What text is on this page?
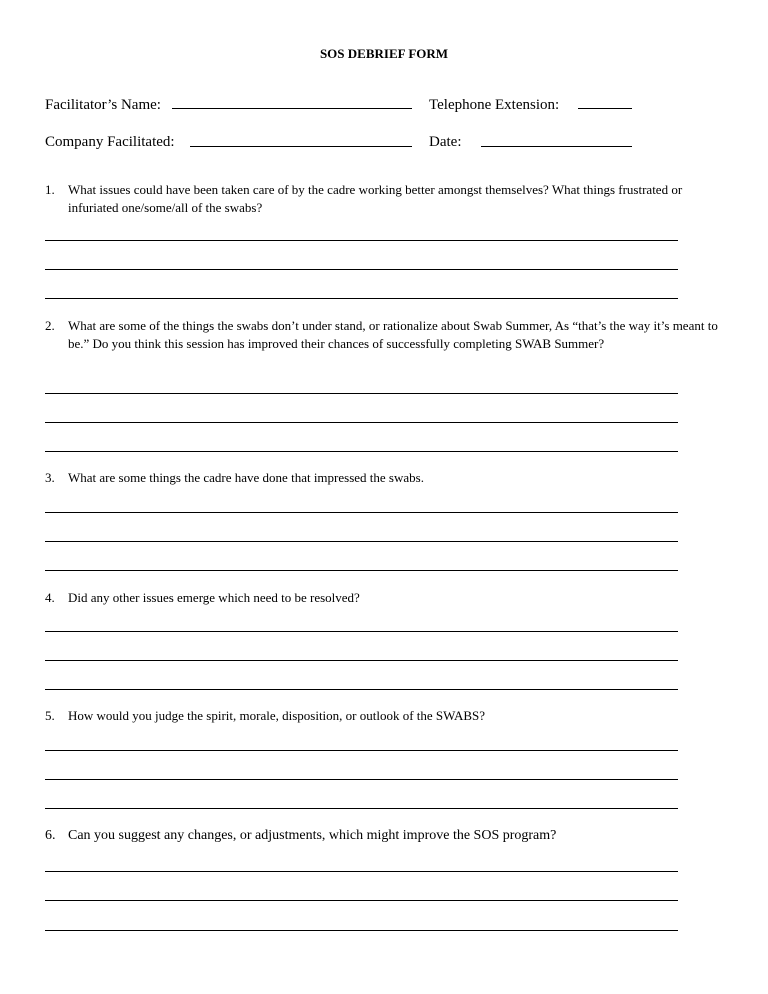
SOS DEBRIEF FORM
Facilitator’s Name:	Telephone Extension:
Company Facilitated:	Date:
1. What issues could have been taken care of by the cadre working better amongst themselves? What things frustrated or infuriated one/some/all of the swabs?
2. What are some of the things the swabs don’t under stand, or rationalize about Swab Summer, As “that’s the way it’s meant to be.” Do you think this session has improved their chances of successfully completing SWAB Summer?
3. What are some things the cadre have done that impressed the swabs.
4. Did any other issues emerge which need to be resolved?
5. How would you judge the spirit, morale, disposition, or outlook of the SWABS?
6. Can you suggest any changes, or adjustments, which might improve the SOS program?
